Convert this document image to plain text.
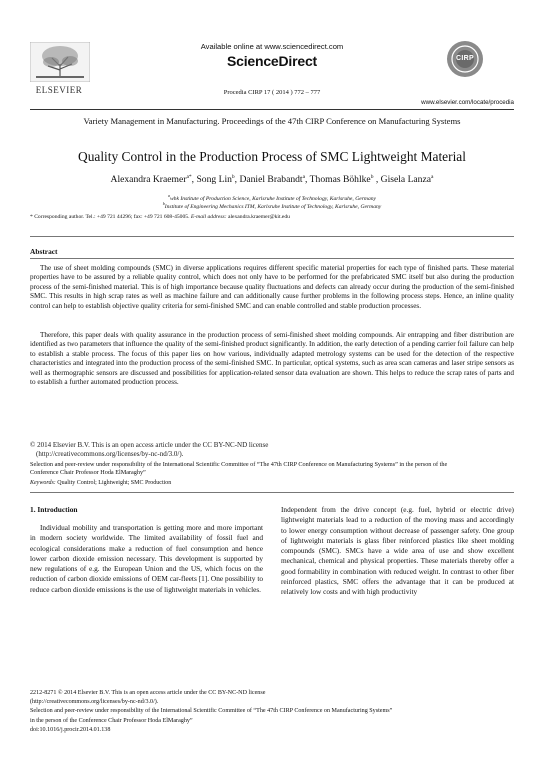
Available online at www.sciencedirect.com
ScienceDirect
Procedia CIRP 17 ( 2014 ) 772 – 777
ELSEVIER
CIRP
www.elsevier.com/locate/procedia
Variety Management in Manufacturing. Proceedings of the 47th CIRP Conference on Manufacturing Systems
Quality Control in the Production Process of SMC Lightweight Material
Alexandra Kraemer$^{a*}$, Song Lin$^b$, Daniel Brabandt$^a$, Thomas Böhlke$^b$ , Gisela Lanza$^a$
$^a$wbk Institute of Production Science, Karlsruhe Institute of Technology, Karlsruhe, Germany
$^b$Institute of Engineering Mechanics ITM, Karlsruhe Institute of Technology, Karlsruhe, Germany
* Corresponding author. Tel.: +49 721 44296; fax: +49 721 608-45005. E-mail address: alexandra.kraemer@kit.edu
Abstract
The use of sheet molding compounds (SMC) in diverse applications requires different specific material properties for each type of finished parts. These material properties have to be assured by a reliable quality control, which does not only have to be performed for the prefabricated SMC itself but also during the production process of the semi-finished material. This is of high importance because quality fluctuations and defects can already occur during the production of the semi-finished SMC. This results in high scrap rates as well as machine failure and can additionally cause further problems in the following process steps. Hence, an inline quality control can help to establish objective quality criteria for semi-finished SMC and can enable controlled and stable production processes.
Therefore, this paper deals with quality assurance in the production process of semi-finished sheet molding compounds. Air entrapping and fiber distribution are identified as two parameters that influence the quality of the semi-finished product significantly. In addition, the early detection of a pending carrier foil failure can help to establish a stable process. The focus of this paper lies on how various, individually adapted metrology systems can be used for the detection of the respective characteristics and integrated into the production process of the semi-finished SMC. In particular, optical systems, such as area scan cameras and laser stripe sensors as well as thermographic sensors are discussed and possibilities for application-related sensor data evaluation are shown. This helps to reduce the scrap rates of parts and to establish a further automated production process.
© 2014 Elsevier B.V. This is an open access article under the CC BY-NC-ND license
(http://creativecommons.org/licenses/by-nc-nd/3.0/).
Selection and peer-review under responsibility of the International Scientific Committee of “The 47th CIRP Conference on Manufacturing Systems” in the person of the Conference Chair Professor Hoda ElMaraghy”
Keywords: Quality Control; Lightweight; SMC Production
1. Introduction
Individual mobility and transportation is getting more and more important in modern society worldwide. The limited availability of fossil fuel and ecological considerations make a reduction of fuel consumption and hence lower carbon dioxide emission necessary. This development is supported by new regulations of e.g. the European Union and the US, which focus on the reduction of carbon dioxide emissions of OEM car-fleets [1]. One possibility to reduce carbon dioxide emissions is the use of lightweight materials in vehicles.
Independent from the drive concept (e.g. fuel, hybrid or electric drive) lightweight materials lead to a reduction of the moving mass and accordingly to lower energy consumption without decrease of passenger safety. One group of lightweight materials is glass fiber reinforced plastics like sheet molding compounds (SMC). SMCs have a wide area of use and show excellent mechanical, chemical and physical properties. These materials thereby offer a good formability in combination with reduced weight. In contrast to other fiber reinforced plastics, SMC offers the advantage that it can be produced at relatively low costs and with high productivity
2212-8271 © 2014 Elsevier B.V. This is an open access article under the CC BY-NC-ND license
(http://creativecommons.org/licenses/by-nc-nd/3.0/).
Selection and peer-review under responsibility of the International Scientific Committee of “The 47th CIRP Conference on Manufacturing Systems”
in the person of the Conference Chair Professor Hoda ElMaraghy”
doi:10.1016/j.procir.2014.01.138
